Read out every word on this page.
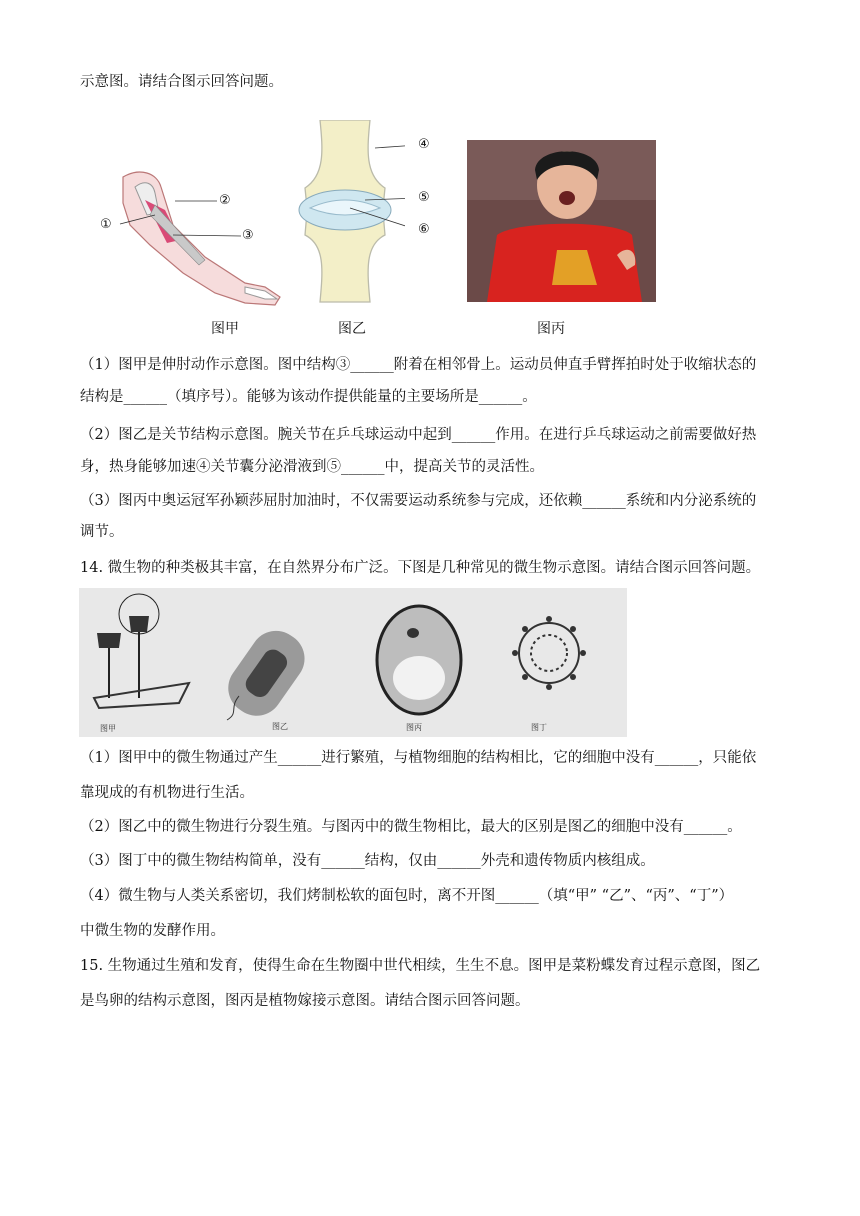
示意图。请结合图示回答问题。
①
②
③
④
⑤
⑥
图甲	图乙	图丙
（1）图甲是伸肘动作示意图。图中结构③______附着在相邻骨上。运动员伸直手臂挥拍时处于收缩状态的
结构是______（填序号）。能够为该动作提供能量的主要场所是______。
（2）图乙是关节结构示意图。腕关节在乒乓球运动中起到______作用。在进行乒乓球运动之前需要做好热
身，热身能够加速④关节囊分泌滑液到⑤______中，提高关节的灵活性。
（3）图丙中奥运冠军孙颖莎屈肘加油时，不仅需要运动系统参与完成，还依赖______系统和内分泌系统的
调节。
14. 微生物的种类极其丰富，在自然界分布广泛。下图是几种常见的微生物示意图。请结合图示回答问题。
图甲	图乙	图丙	图丁
（1）图甲中的微生物通过产生______进行繁殖，与植物细胞的结构相比，它的细胞中没有______，只能依
靠现成的有机物进行生活。
（2）图乙中的微生物进行分裂生殖。与图丙中的微生物相比，最大的区别是图乙的细胞中没有______。
（3）图丁中的微生物结构简单，没有______结构，仅由______外壳和遗传物质内核组成。
（4）微生物与人类关系密切，我们烤制松软的面包时，离不开图______（填“甲” “乙”、“丙”、“丁”）
中微生物的发酵作用。
15. 生物通过生殖和发育，使得生命在生物圈中世代相续，生生不息。图甲是菜粉蝶发育过程示意图，图乙
是鸟卵的结构示意图，图丙是植物嫁接示意图。请结合图示回答问题。
